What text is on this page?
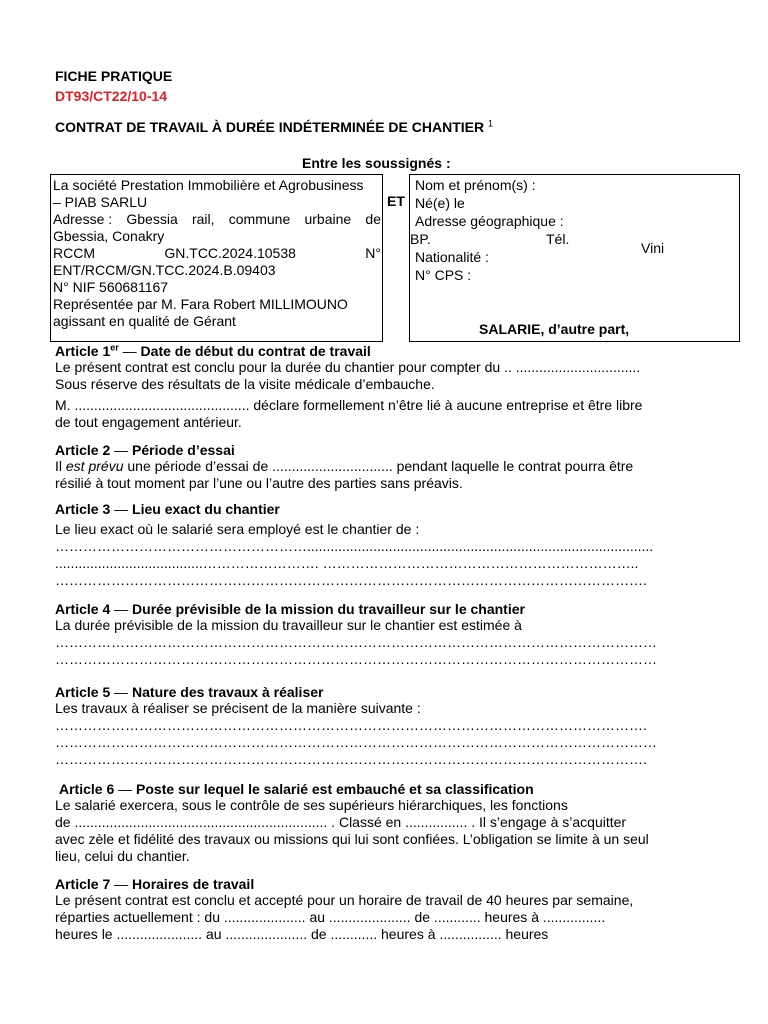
FICHE PRATIQUE
DT93/CT22/10-14
CONTRAT DE TRAVAIL À DURÉE INDÉTERMINÉE DE CHANTIER $^1$
Entre les soussignés :
La société Prestation Immobilière et Agrobusiness
– PIAB SARLU
Adresse : Gbessia rail, commune urbaine de
Gbessia, Conakry
RCCM	GN.TCC.2024.10538	N°
ENT/RCCM/GN.TCC.2024.B.09403
N° NIF 560681167
Représentée par M. Fara Robert MILLIMOUNO
agissant en qualité de Gérant
ET
Nom et prénom(s) :
Né(e) le
Adresse géographique :
BP.	Tél.
Vini
Nationalité :
N° CPS :
SALARIE, d’autre part,
Article 1er — Date de début du contrat de travail
Le présent contrat est conclu pour la durée du chantier pour compter du .. ................................
Sous réserve des résultats de la visite médicale d’embauche.
M. ............................................. déclare formellement n’être lié à aucune entreprise et être libre
de tout engagement antérieur.
Article 2 — Période d’essai
Il est prévu une période d’essai de ............................... pendant laquelle le contrat pourra être
résilié à tout moment par l’une ou l’autre des parties sans préavis.
Article 3 — Lieu exact du chantier
Le lieu exact où le salarié sera employé est le chantier de :
……………………………………………….........................................................................................
......................................……………………. …………………………………………………………..
……………………………………………………………………………………………………………….
Article 4 — Durée prévisible de la mission du travailleur sur le chantier
La durée prévisible de la mission du travailleur sur le chantier est estimée à
…………………………………………………………………………………………………………………
…………………………………………………………………………………………………………………
Article 5 — Nature des travaux à réaliser
Les travaux à réaliser se précisent de la manière suivante :
……………………………………………………………………………………………………………….
…………………………………………………………………………………………………………………
……………………………………………………………………………………………………………….
Article 6 — Poste sur lequel le salarié est embauché et sa classification
Le salarié exercera, sous le contrôle de ses supérieurs hiérarchiques, les fonctions
de ................................................................. . Classé en ................ . Il s’engage à s’acquitter
avec zèle et fidélité des travaux ou missions qui lui sont confiées. L’obligation se limite à un seul
lieu, celui du chantier.
Article 7 — Horaires de travail
Le présent contrat est conclu et accepté pour un horaire de travail de 40 heures par semaine,
réparties actuellement : du ..................... au ..................... de ............ heures à ................
heures le ...................... au ..................... de ............ heures à ................ heures
